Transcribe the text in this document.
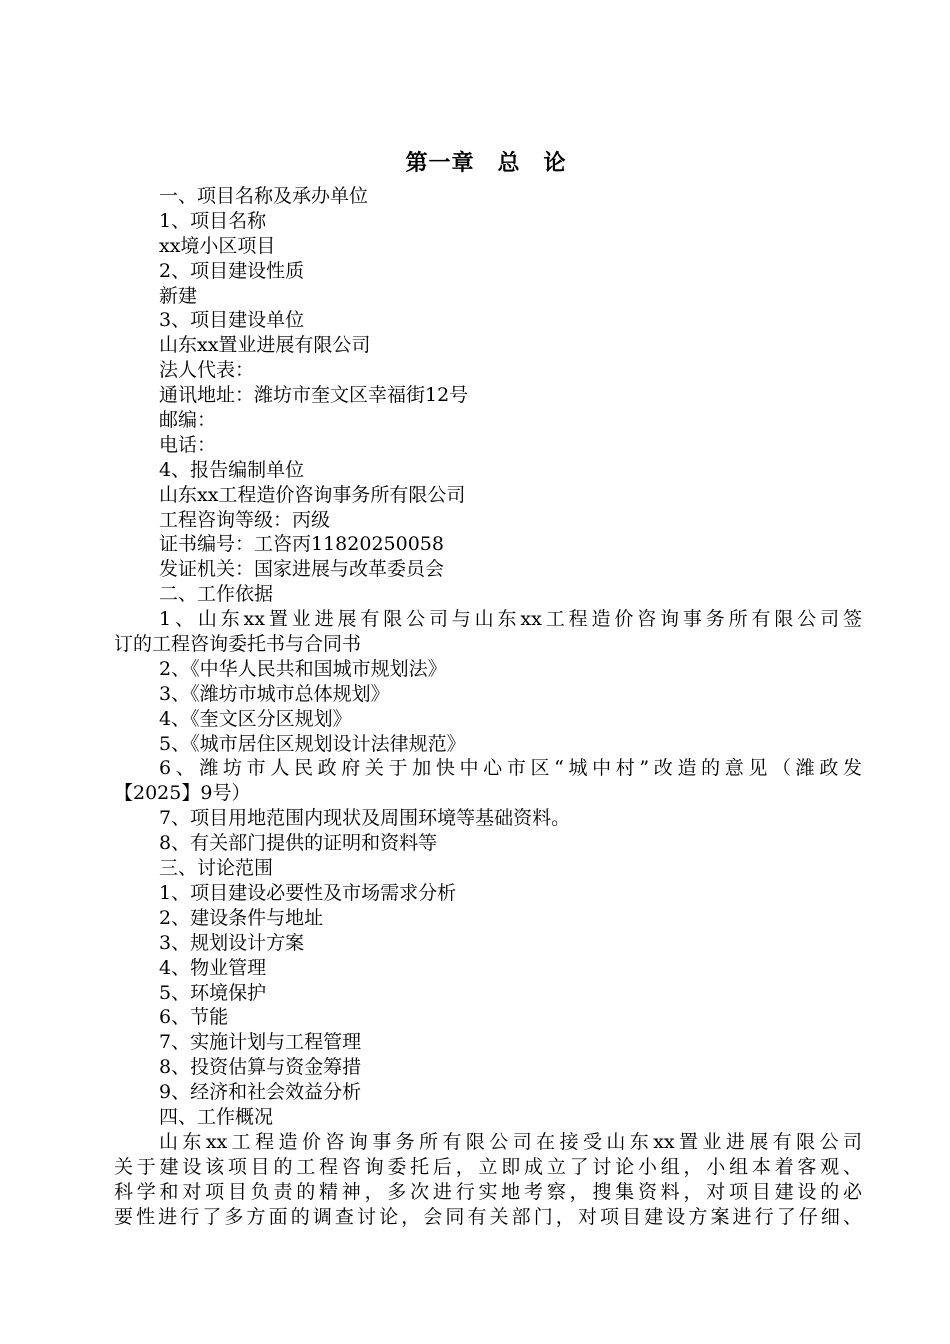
第一章　总　论
一、项目名称及承办单位
1、项目名称
xx境小区项目
2、项目建设性质
新建
3、项目建设单位
山东xx置业进展有限公司
法人代表：
通讯地址：潍坊市奎文区幸福街12号
邮编：
电话：
4、报告编制单位
山东xx工程造价咨询事务所有限公司
工程咨询等级：丙级
证书编号：工咨丙11820250058
发证机关：国家进展与改革委员会
二、工作依据
1、山东xx置业进展有限公司与山东xx工程造价咨询事务所有限公司签
订的工程咨询委托书与合同书
2、《中华人民共和国城市规划法》
3、《潍坊市城市总体规划》
4、《奎文区分区规划》
5、《城市居住区规划设计法律规范》
6、潍坊市人民政府关于加快中心市区“城中村”改造的意见（潍政发
【2025】9号）
7、项目用地范围内现状及周围环境等基础资料。
8、有关部门提供的证明和资料等
三、讨论范围
1、项目建设必要性及市场需求分析
2、建设条件与地址
3、规划设计方案
4、物业管理
5、环境保护
6、节能
7、实施计划与工程管理
8、投资估算与资金筹措
9、经济和社会效益分析
四、工作概况
山东xx工程造价咨询事务所有限公司在接受山东xx置业进展有限公司
关于建设该项目的工程咨询委托后，立即成立了讨论小组，小组本着客观、
科学和对项目负责的精神，多次进行实地考察，搜集资料，对项目建设的必
要性进行了多方面的调查讨论，会同有关部门，对项目建设方案进行了仔细、
